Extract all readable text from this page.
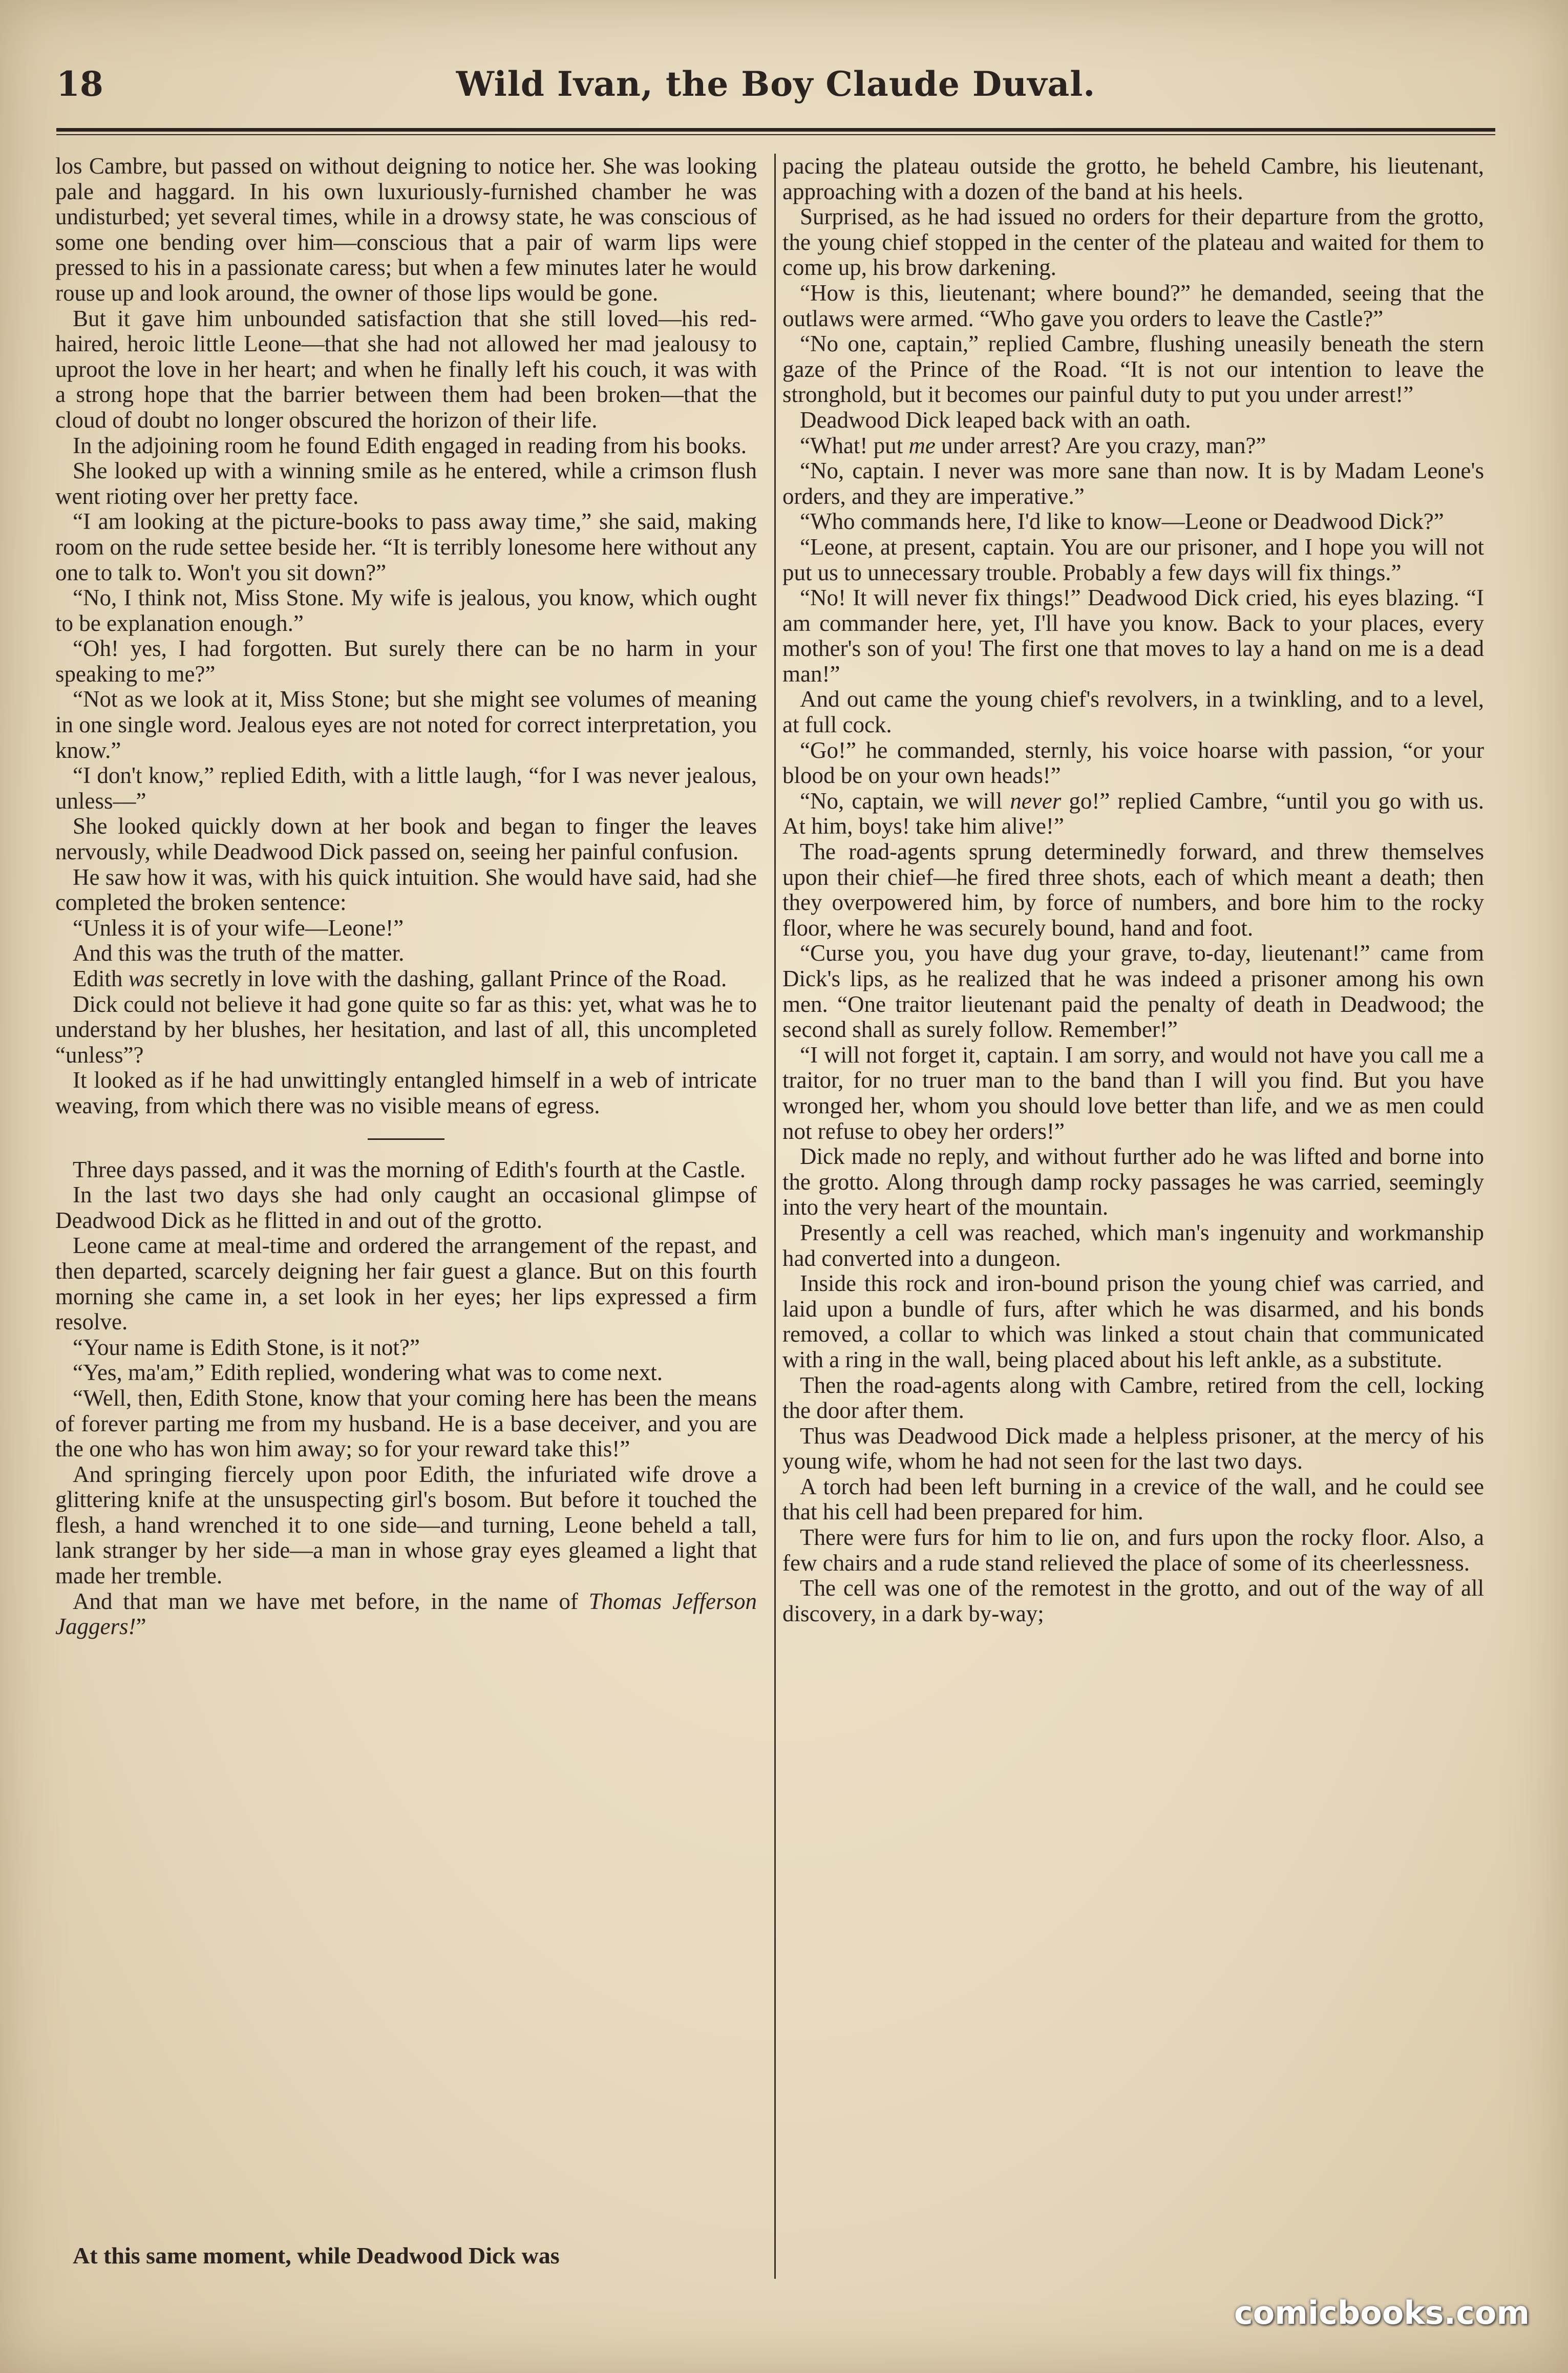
18	Wild Ivan, the Boy Claude Duval.

los Cambre, but passed on without deigning to notice her. She was looking pale and haggard. In his own luxuriously-furnished chamber he was undisturbed; yet several times, while in a drowsy state, he was conscious of some one bending over him—conscious that a pair of warm lips were pressed to his in a passionate caress; but when a few minutes later he would rouse up and look around, the owner of those lips would be gone.

But it gave him unbounded satisfaction that she still loved—his red-haired, heroic little Leone—that she had not allowed her mad jealousy to uproot the love in her heart; and when he finally left his couch, it was with a strong hope that the barrier between them had been broken—that the cloud of doubt no longer obscured the horizon of their life.

In the adjoining room he found Edith engaged in reading from his books.

She looked up with a winning smile as he entered, while a crimson flush went rioting over her pretty face.

“I am looking at the picture-books to pass away time,” she said, making room on the rude settee beside her. “It is terribly lonesome here without any one to talk to. Won't you sit down?”

“No, I think not, Miss Stone. My wife is jealous, you know, which ought to be explanation enough.”

“Oh! yes, I had forgotten. But surely there can be no harm in your speaking to me?”

“Not as we look at it, Miss Stone; but she might see volumes of meaning in one single word. Jealous eyes are not noted for correct interpretation, you know.”

“I don't know,” replied Edith, with a little laugh, “for I was never jealous, unless—”

She looked quickly down at her book and began to finger the leaves nervously, while Deadwood Dick passed on, seeing her painful confusion.

He saw how it was, with his quick intuition. She would have said, had she completed the broken sentence:

“Unless it is of your wife—Leone!”

And this was the truth of the matter.

Edith was secretly in love with the dashing, gallant Prince of the Road.

Dick could not believe it had gone quite so far as this: yet, what was he to understand by her blushes, her hesitation, and last of all, this uncompleted “unless”?

It looked as if he had unwittingly entangled himself in a web of intricate weaving, from which there was no visible means of egress.

Three days passed, and it was the morning of Edith's fourth at the Castle.

In the last two days she had only caught an occasional glimpse of Deadwood Dick as he flitted in and out of the grotto.

Leone came at meal-time and ordered the arrangement of the repast, and then departed, scarcely deigning her fair guest a glance. But on this fourth morning she came in, a set look in her eyes; her lips expressed a firm resolve.

“Your name is Edith Stone, is it not?”

“Yes, ma'am,” Edith replied, wondering what was to come next.

“Well, then, Edith Stone, know that your coming here has been the means of forever parting me from my husband. He is a base deceiver, and you are the one who has won him away; so for your reward take this!”

And springing fiercely upon poor Edith, the infuriated wife drove a glittering knife at the unsuspecting girl's bosom. But before it touched the flesh, a hand wrenched it to one side—and turning, Leone beheld a tall, lank stranger by her side—a man in whose gray eyes gleamed a light that made her tremble.

And that man we have met before, in the name of Thomas Jefferson Jaggers!”

At this same moment, while Deadwood Dick was

pacing the plateau outside the grotto, he beheld Cambre, his lieutenant, approaching with a dozen of the band at his heels.

Surprised, as he had issued no orders for their departure from the grotto, the young chief stopped in the center of the plateau and waited for them to come up, his brow darkening.

“How is this, lieutenant; where bound?” he demanded, seeing that the outlaws were armed. “Who gave you orders to leave the Castle?”

“No one, captain,” replied Cambre, flushing uneasily beneath the stern gaze of the Prince of the Road. “It is not our intention to leave the stronghold, but it becomes our painful duty to put you under arrest!”

Deadwood Dick leaped back with an oath.

“What! put me under arrest? Are you crazy, man?”

“No, captain. I never was more sane than now. It is by Madam Leone's orders, and they are imperative.”

“Who commands here, I'd like to know—Leone or Deadwood Dick?”

“Leone, at present, captain. You are our prisoner, and I hope you will not put us to unnecessary trouble. Probably a few days will fix things.”

“No! It will never fix things!” Deadwood Dick cried, his eyes blazing. “I am commander here, yet, I'll have you know. Back to your places, every mother's son of you! The first one that moves to lay a hand on me is a dead man!”

And out came the young chief's revolvers, in a twinkling, and to a level, at full cock.

“Go!” he commanded, sternly, his voice hoarse with passion, “or your blood be on your own heads!”

“No, captain, we will never go!” replied Cambre, “until you go with us. At him, boys! take him alive!”

The road-agents sprung determinedly forward, and threw themselves upon their chief—he fired three shots, each of which meant a death; then they overpowered him, by force of numbers, and bore him to the rocky floor, where he was securely bound, hand and foot.

“Curse you, you have dug your grave, to-day, lieutenant!” came from Dick's lips, as he realized that he was indeed a prisoner among his own men. “One traitor lieutenant paid the penalty of death in Deadwood; the second shall as surely follow. Remember!”

“I will not forget it, captain. I am sorry, and would not have you call me a traitor, for no truer man to the band than I will you find. But you have wronged her, whom you should love better than life, and we as men could not refuse to obey her orders!”

Dick made no reply, and without further ado he was lifted and borne into the grotto. Along through damp rocky passages he was carried, seemingly into the very heart of the mountain.

Presently a cell was reached, which man's ingenuity and workmanship had converted into a dungeon.

Inside this rock and iron-bound prison the young chief was carried, and laid upon a bundle of furs, after which he was disarmed, and his bonds removed, a collar to which was linked a stout chain that communicated with a ring in the wall, being placed about his left ankle, as a substitute.

Then the road-agents along with Cambre, retired from the cell, locking the door after them.

Thus was Deadwood Dick made a helpless prisoner, at the mercy of his young wife, whom he had not seen for the last two days.

A torch had been left burning in a crevice of the wall, and he could see that his cell had been prepared for him.

There were furs for him to lie on, and furs upon the rocky floor. Also, a few chairs and a rude stand relieved the place of some of its cheerlessness.

The cell was one of the remotest in the grotto, and out of the way of all discovery, in a dark by-way;

comicbooks.com
